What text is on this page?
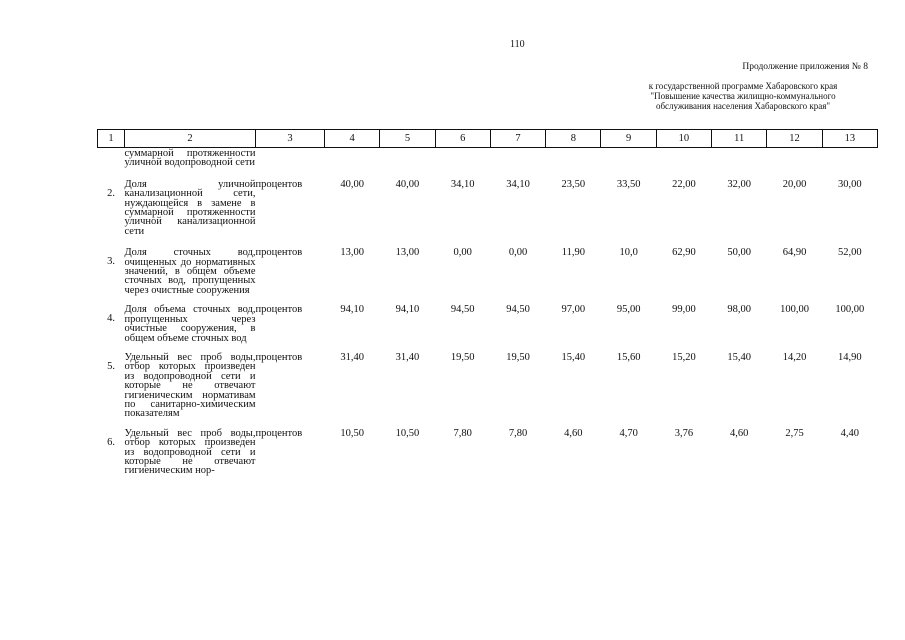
110
Продолжение приложения № 8
к государственной программе Хабаровского края
"Повышение качества жилищно-коммунального
обслуживания населения Хабаровского края"
1	2	3	4	5	6	7	8	9	10	11	12	13
	суммарной протяженности уличной водопроводной сети											
2.	Доля уличной канализационной сети, нуждающейся в замене в суммарной протяженности уличной канализационной сети	процентов	40,00	40,00	34,10	34,10	23,50	33,50	22,00	32,00	20,00	30,00
3.	Доля сточных вод, очищенных до нормативных значений, в общем объеме сточных вод, пропущенных через очистные сооружения	процентов	13,00	13,00	0,00	0,00	11,90	10,0	62,90	50,00	64,90	52,00
4.	Доля объема сточных вод, пропущенных через очистные сооружения, в общем объеме сточных вод	процентов	94,10	94,10	94,50	94,50	97,00	95,00	99,00	98,00	100,00	100,00
5.	Удельный вес проб воды, отбор которых произведен из водопроводной сети и которые не отвечают гигиеническим нормативам по санитарно-химическим показателям	процентов	31,40	31,40	19,50	19,50	15,40	15,60	15,20	15,40	14,20	14,90
6.	Удельный вес проб воды, отбор которых произведен из водопроводной сети и которые не отвечают гигиеническим нор-	процентов	10,50	10,50	7,80	7,80	4,60	4,70	3,76	4,60	2,75	4,40
